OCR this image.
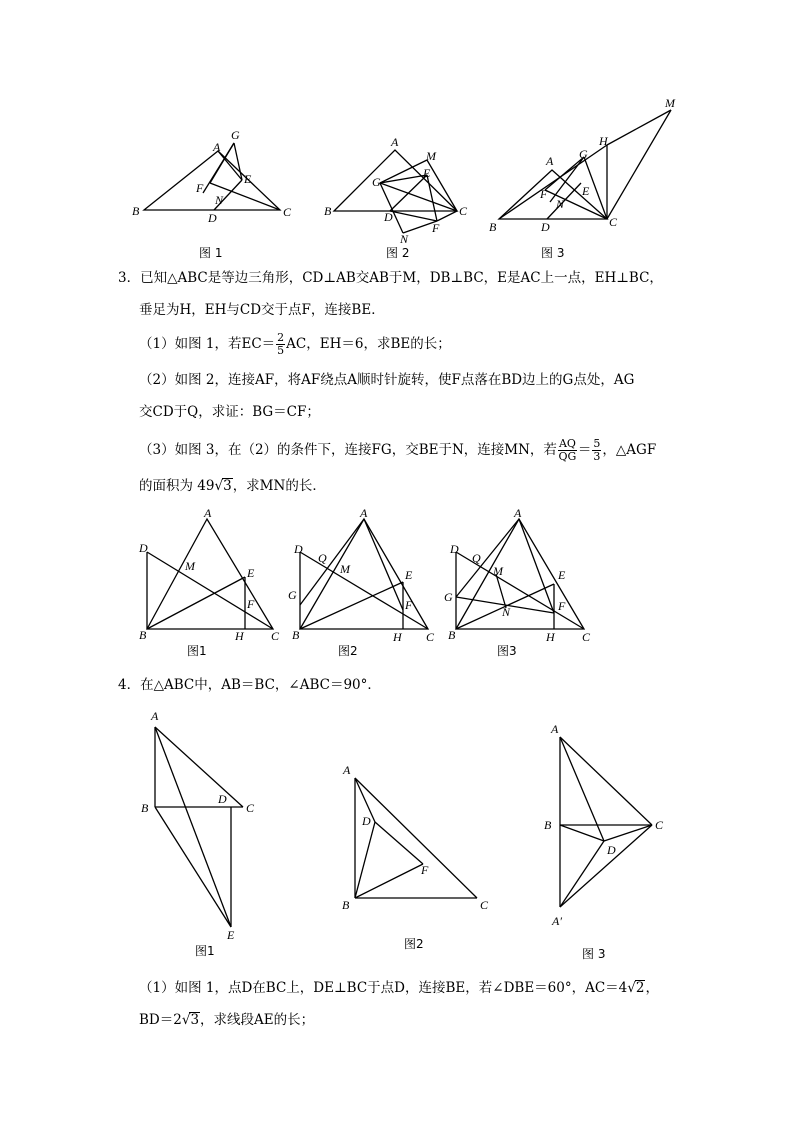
A
G
E
F
N
B	D	C
图 1
A
M
G
E
B	D	C
F
N
图 2
M
H
A G
F	E
N
B	D	C
图 3
3．已知△ABC是等边三角形，CD⊥AB交AB于M，DB⊥BC，E是AC上一点，EH⊥BC，
垂足为H，EH与CD交于点F，连接BE．
（1）如图 1，若$EC= \frac{2}{5}$ AC，EH＝6，求BE的长；
（2）如图 2，连接AF，将AF绕点A顺时针旋转，使F点落在BD边上的G点处，AG
交CD于Q，求证：BG＝CF；
（3）如图 3，在（2）的条件下，连接FG，交BE于N，连接MN，若 $\frac{AQ}{QG} = \frac{5}{3}$ ，△AGF
的面积为 49√3，求MN的长．
A
D
M	E
F
B	H C
图1
A
D
Q
M	E
G
F
B	H C
图2
A
D
Q
M	E
G
N	F
B	H C
图3
4．在△ABC中，AB＝BC，∠ABC＝90°．
A
B
D
C
E
图1
A
D
F
B	C
图2
A
B	C
D
A′
图 3
（1）如图 1，点D在BC上，DE⊥BC于点D，连接BE，若∠DBE＝60°，AC＝4√2，
BD＝2√3，求线段AE的长；
